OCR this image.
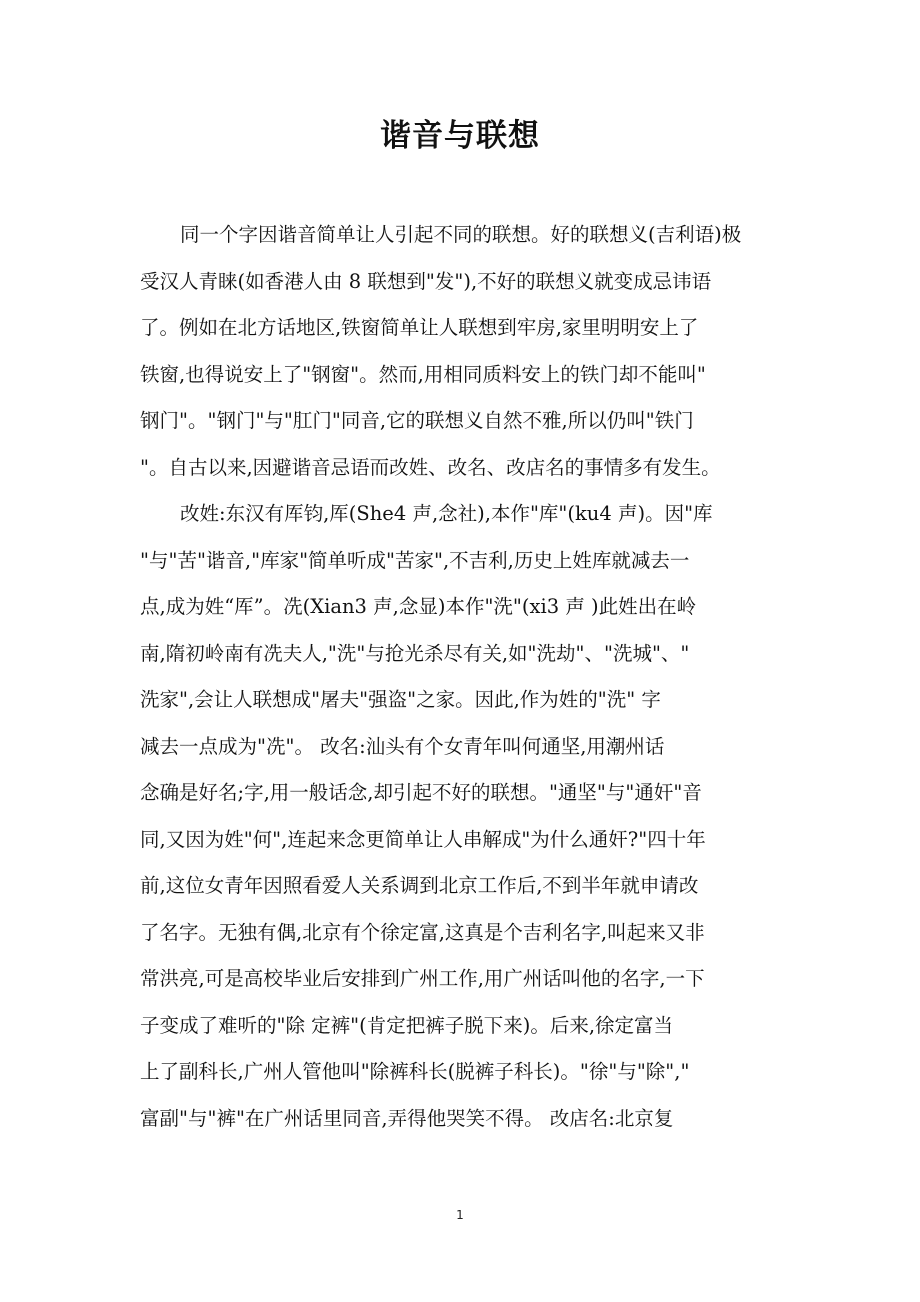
谐音与联想
同一个字因谐音简单让人引起不同的联想。好的联想义(吉利语)极
受汉人青睐(如香港人由 8 联想到"发"),不好的联想义就变成忌讳语
了。例如在北方话地区,铁窗简单让人联想到牢房,家里明明安上了
铁窗,也得说安上了"钢窗"。然而,用相同质料安上的铁门却不能叫"
钢门"。"钢门"与"肛门"同音,它的联想义自然不雅,所以仍叫"铁门
"。自古以来,因避谐音忌语而改姓、改名、改店名的事情多有发生。
改姓:东汉有厍钧,厍(She4 声,念社),本作"库"(ku4 声)。因"库
"与"苦"谐音,"库家"简单听成"苦家",不吉利,历史上姓库就减去一
点,成为姓“厍”。冼(Xian3 声,念显)本作"洗"(xi3 声 )此姓出在岭
南,隋初岭南有冼夫人,"洗"与抢光杀尽有关,如"洗劫"、"洗城"、"
洗家",会让人联想成"屠夫"强盗"之家。因此,作为姓的"洗" 字
减去一点成为"冼"。 改名:汕头有个女青年叫何通坚,用潮州话
念确是好名;字,用一般话念,却引起不好的联想。"通坚"与"通奸"音
同,又因为姓"何",连起来念更简单让人串解成"为什么通奸?"四十年
前,这位女青年因照看爱人关系调到北京工作后,不到半年就申请改
了名字。无独有偶,北京有个徐定富,这真是个吉利名字,叫起来又非
常洪亮,可是高校毕业后安排到广州工作,用广州话叫他的名字,一下
子变成了难听的"除 定裤"(肯定把裤子脱下来)。后来,徐定富当
上了副科长,广州人管他叫"除裤科长(脱裤子科长)。"徐"与"除","
富副"与"裤"在广州话里同音,弄得他哭笑不得。 改店名:北京复
1
